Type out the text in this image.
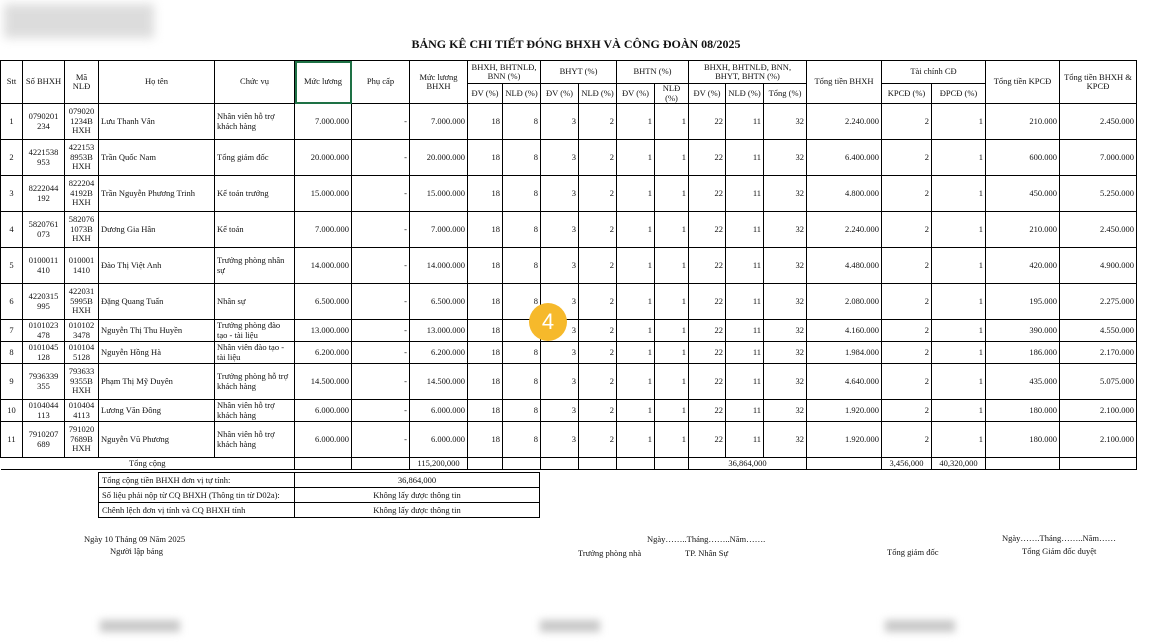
BẢNG KÊ CHI TIẾT ĐÓNG BHXH VÀ CÔNG ĐOÀN 08/2025
Stt	Số BHXH	Mã NLĐ	Họ tên	Chức vụ	Mức lương	Phụ cấp	Mức lương BHXH	BHXH, BHTNLĐ, BNN (%)		BHYT (%)		BHTN (%)		BHXH, BHTNLĐ, BNN, BHYT, BHTN (%)			Tổng tiền BHXH	Tài chính CĐ		Tổng tiền KPCĐ	Tổng tiền BHXH & KPCĐ
								ĐV (%)	NLĐ (%)	ĐV (%)	NLĐ (%)	ĐV (%)	NLĐ (%)	ĐV (%)	NLĐ (%)	Tổng (%)		KPCĐ (%)	ĐPCĐ (%)		
1	0790201 234	079020 1234B HXH	Lưu Thanh Vân	Nhân viên hỗ trợ khách hàng	7.000.000	-	7.000.000	18	8	3	2	1	1	22	11	32	2.240.000	2	1	210.000	2.450.000
2	4221538 953	422153 8953B HXH	Trần Quốc Nam	Tổng giám đốc	20.000.000	-	20.000.000	18	8	3	2	1	1	22	11	32	6.400.000	2	1	600.000	7.000.000
3	8222044 192	822204 4192B HXH	Trần Nguyễn Phương Trinh	Kế toán trưởng	15.000.000	-	15.000.000	18	8	3	2	1	1	22	11	32	4.800.000	2	1	450.000	5.250.000
4	5820761 073	582076 1073B HXH	Dương Gia Hân	Kế toán	7.000.000	-	7.000.000	18	8	3	2	1	1	22	11	32	2.240.000	2	1	210.000	2.450.000
5	0100011 410	010001 1410	Đào Thị Việt Anh	Trưởng phòng nhân sự	14.000.000	-	14.000.000	18	8	3	2	1	1	22	11	32	4.480.000	2	1	420.000	4.900.000
6	4220315 995	422031 5995B HXH	Đặng Quang Tuấn	Nhân sự	6.500.000	-	6.500.000	18	8	3	2	1	1	22	11	32	2.080.000	2	1	195.000	2.275.000
7	0101023 478	010102 3478	Nguyễn Thị Thu Huyền	Trưởng phòng đào tạo - tài liệu	13.000.000	-	13.000.000	18		3	2	1	1	22	11	32	4.160.000	2	1	390.000	4.550.000
8	0101045 128	010104 5128	Nguyễn Hồng Hà	Nhân viên đào tạo - tài liệu	6.200.000	-	6.200.000	18	8	3	2	1	1	22	11	32	1.984.000	2	1	186.000	2.170.000
9	7936339 355	793633 9355B HXH	Phạm Thị Mỹ Duyên	Trưởng phòng hỗ trợ khách hàng	14.500.000	-	14.500.000	18	8	3	2	1	1	22	11	32	4.640.000	2	1	435.000	5.075.000
10	0104044 113	010404 4113	Lương Văn Đông	Nhân viên hỗ trợ khách hàng	6.000.000	-	6.000.000	18	8	3	2	1	1	22	11	32	1.920.000	2	1	180.000	2.100.000
11	7910207 689	791020 7689B HXH	Nguyễn Vũ Phương	Nhân viên hỗ trợ khách hàng	6.000.000	-	6.000.000	18	8	3	2	1	1	22	11	32	1.920.000	2	1	180.000	2.100.000
Tổng cộng							115,200,000							36,864,000				3,456,000	40,320,000		
4
Tổng cộng tiền BHXH đơn vị tự tính:	36,864,000
Số liệu phải nộp từ CQ BHXH (Thông tin từ D02a):	Không lấy được thông tin
Chênh lệch đơn vị tính và CQ BHXH tính	Không lấy được thông tin
Ngày 10 Tháng 09 Năm 2025
Người lập bảng
Ngày……..Tháng……..Năm…….
Trưởng phòng nhà	TP. Nhân Sự	Tổng giám đốc
Ngày…….Tháng……..Năm……
Tổng Giám đốc duyệt
